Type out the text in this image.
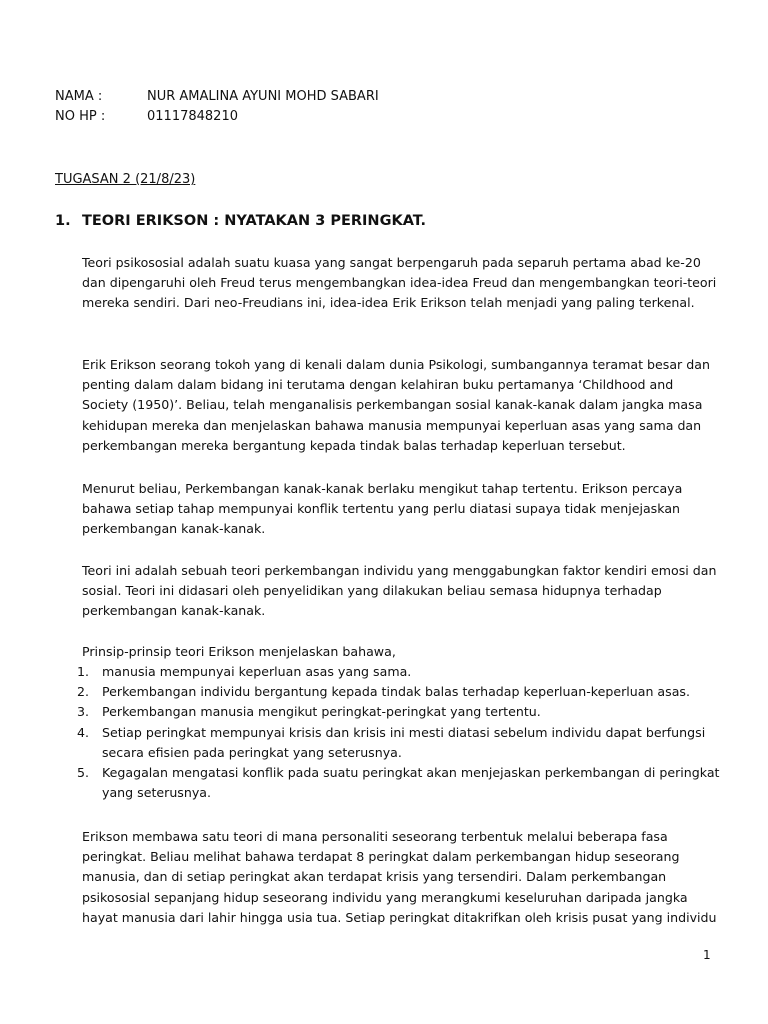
NAMA :	NUR AMALINA AYUNI MOHD SABARI
NO HP :	01117848210
TUGASAN 2 (21/8/23)
1. TEORI ERIKSON : NYATAKAN 3 PERINGKAT.

Teori psikososial adalah suatu kuasa yang sangat berpengaruh pada separuh pertama abad ke-20 dan dipengaruhi oleh Freud terus mengembangkan idea-idea Freud dan mengembangkan teori-teori mereka sendiri. Dari neo-Freudians ini, idea-idea Erik Erikson telah menjadi yang paling terkenal.

Erik Erikson seorang tokoh yang di kenali dalam dunia Psikologi, sumbangannya teramat besar dan penting dalam dalam bidang ini terutama dengan kelahiran buku pertamanya ‘Childhood and Society (1950)’. Beliau, telah menganalisis perkembangan sosial kanak-kanak dalam jangka masa kehidupan mereka dan menjelaskan bahawa manusia mempunyai keperluan asas yang sama dan perkembangan mereka bergantung kepada tindak balas terhadap keperluan tersebut.

Menurut beliau, Perkembangan kanak-kanak berlaku mengikut tahap tertentu. Erikson percaya bahawa setiap tahap mempunyai konflik tertentu yang perlu diatasi supaya tidak menjejaskan perkembangan kanak-kanak.

Teori ini adalah sebuah teori perkembangan individu yang menggabungkan faktor kendiri emosi dan sosial. Teori ini didasari oleh penyelidikan yang dilakukan beliau semasa hidupnya terhadap perkembangan kanak-kanak.

Prinsip-prinsip teori Erikson menjelaskan bahawa,
1. manusia mempunyai keperluan asas yang sama.
2. Perkembangan individu bergantung kepada tindak balas terhadap keperluan-keperluan asas.
3. Perkembangan manusia mengikut peringkat-peringkat yang tertentu.
4. Setiap peringkat mempunyai krisis dan krisis ini mesti diatasi sebelum individu dapat berfungsi secara efisien pada peringkat yang seterusnya.
5. Kegagalan mengatasi konflik pada suatu peringkat akan menjejaskan perkembangan di peringkat yang seterusnya.

Erikson membawa satu teori di mana personaliti seseorang terbentuk melalui beberapa fasa peringkat. Beliau melihat bahawa terdapat 8 peringkat dalam perkembangan hidup seseorang manusia, dan di setiap peringkat akan terdapat krisis yang tersendiri. Dalam perkembangan psikososial sepanjang hidup seseorang individu yang merangkumi keseluruhan daripada jangka hayat manusia dari lahir hingga usia tua. Setiap peringkat ditakrifkan oleh krisis pusat yang individu

1
